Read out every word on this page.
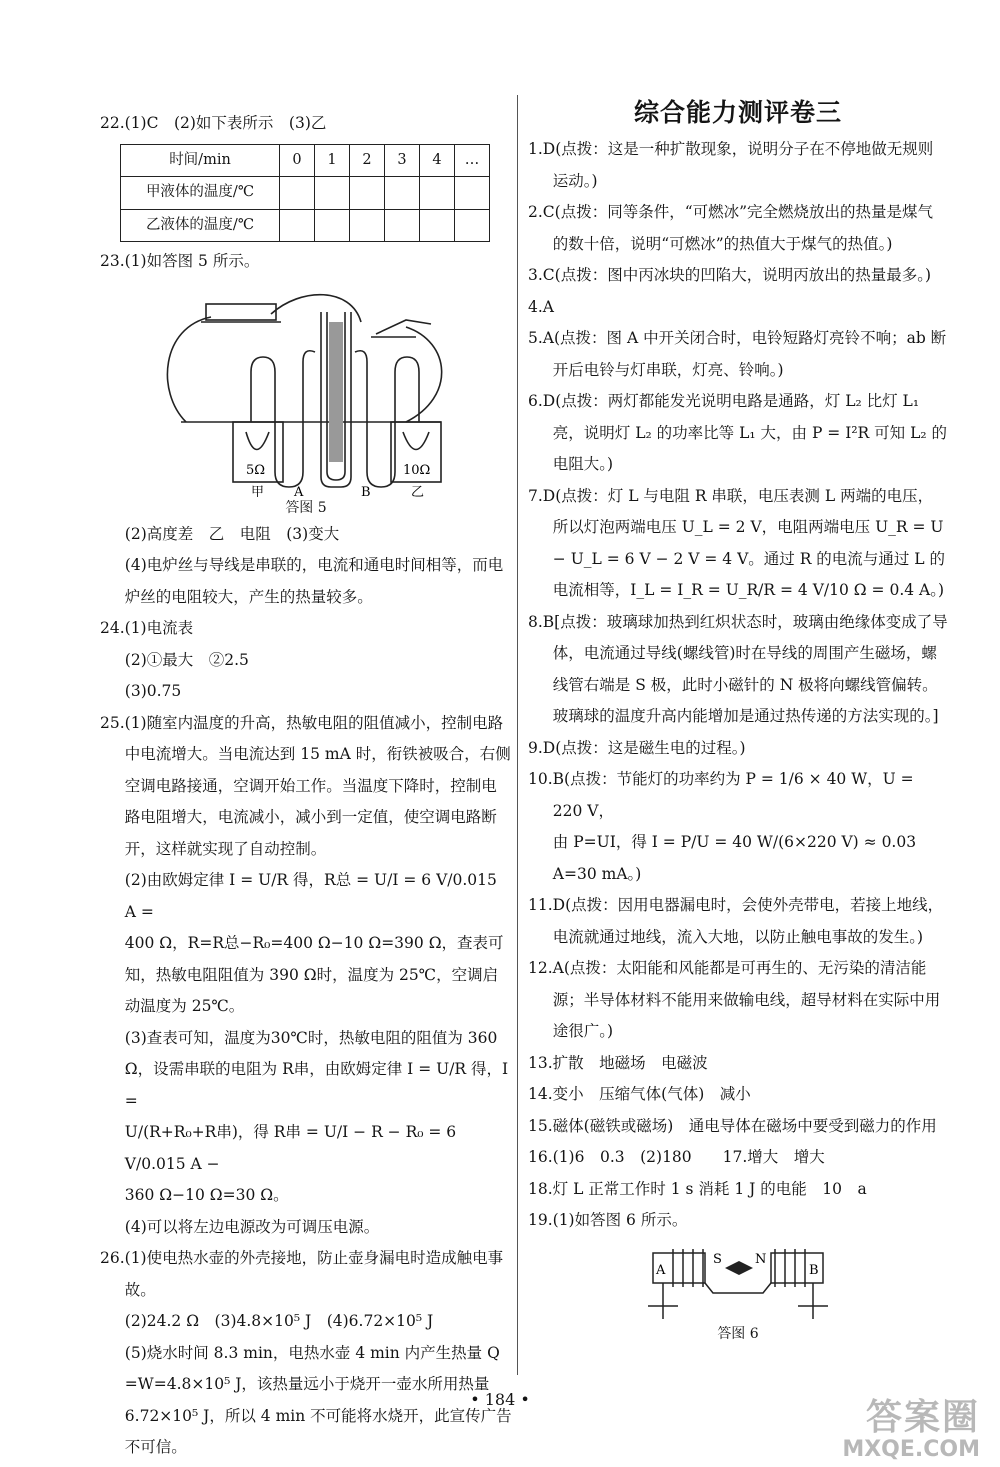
22.(1)C　(2)如下表所示　(3)乙

时间/min	0	1	2	3	4	…
甲液体的温度/℃						
乙液体的温度/℃						

23.(1)如答图 5 所示。

5Ω	10Ω
甲 A	B	乙

答图 5

(2)高度差　乙　电阻　(3)变大

(4)电炉丝与导线是串联的，电流和通电时间相等，而电炉丝的电阻较大，产生的热量较多。

24.(1)电流表

(2)①最大　②2.5

(3)0.75

25.(1)随室内温度的升高，热敏电阻的阻值减小，控制电路中电流增大。当电流达到 15 mA 时，衔铁被吸合，右侧空调电路接通，空调开始工作。当温度下降时，控制电路电阻增大，电流减小，减小到一定值，使空调电路断开，这样就实现了自动控制。

(2)由欧姆定律 I = U/R 得，R总 = U/I = 6 V/0.015 A =

400 Ω，R=R总−R₀=400 Ω−10 Ω=390 Ω，查表可知，热敏电阻阻值为 390 Ω时，温度为 25℃，空调启动温度为 25℃。

(3)查表可知，温度为30℃时，热敏电阻的阻值为 360 Ω，设需串联的电阻为 R串，由欧姆定律 I = U/R 得，I =

U/(R+R₀+R串)，得 R串 = U/I − R − R₀ = 6 V/0.015 A −

360 Ω−10 Ω=30 Ω。

(4)可以将左边电源改为可调压电源。

26.(1)使电热水壶的外壳接地，防止壶身漏电时造成触电事故。

(2)24.2 Ω　(3)4.8×10⁵ J　(4)6.72×10⁵ J

(5)烧水时间 8.3 min，电热水壶 4 min 内产生热量 Q =W=4.8×10⁵ J，该热量远小于烧开一壶水所用热量 6.72×10⁵ J，所以 4 min 不可能将水烧开，此宣传广告不可信。

综合能力测评卷三

1.D(点拨：这是一种扩散现象，说明分子在不停地做无规则运动。)

2.C(点拨：同等条件，“可燃冰”完全燃烧放出的热量是煤气的数十倍，说明“可燃冰”的热值大于煤气的热值。)

3.C(点拨：图中丙冰块的凹陷大，说明丙放出的热量最多。)

4.A

5.A(点拨：图 A 中开关闭合时，电铃短路灯亮铃不响；ab 断开后电铃与灯串联，灯亮、铃响。)

6.D(点拨：两灯都能发光说明电路是通路，灯 L₂ 比灯 L₁ 亮，说明灯 L₂ 的功率比等 L₁ 大，由 P = I²R 可知 L₂ 的电阻大。)

7.D(点拨：灯 L 与电阻 R 串联，电压表测 L 两端的电压，所以灯泡两端电压 U_L = 2 V，电阻两端电压 U_R = U − U_L = 6 V − 2 V = 4 V。通过 R 的电流与通过 L 的电流相等，I_L = I_R = U_R/R = 4 V/10 Ω = 0.4 A。)

8.B[点拨：玻璃球加热到红炽状态时，玻璃由绝缘体变成了导体，电流通过导线(螺线管)时在导线的周围产生磁场，螺线管右端是 S 极，此时小磁针的 N 极将向螺线管偏转。玻璃球的温度升高内能增加是通过热传递的方法实现的。]

9.D(点拨：这是磁生电的过程。)

10.B(点拨：节能灯的功率约为 P = 1/6 × 40 W，U = 220 V，

由 P=UI，得 I = P/U = 40 W/(6×220 V) ≈ 0.03 A=30 mA。)

11.D(点拨：因用电器漏电时，会使外壳带电，若接上地线，电流就通过地线，流入大地，以防止触电事故的发生。)

12.A(点拨：太阳能和风能都是可再生的、无污染的清洁能源；半导体材料不能用来做输电线，超导材料在实际中用途很广。)

13.扩散　地磁场　电磁波

14.变小　压缩气体(气体)　减小

15.磁体(磁铁或磁场)　通电导体在磁场中要受到磁力的作用

16.(1)6　0.3　(2)180　　17.增大　增大

18.灯 L 正常工作时 1 s 消耗 1 J 的电能　10　a

19.(1)如答图 6 所示。

A
S	N
B

答图 6

• 184 •	答案圈
MXQE.COM
